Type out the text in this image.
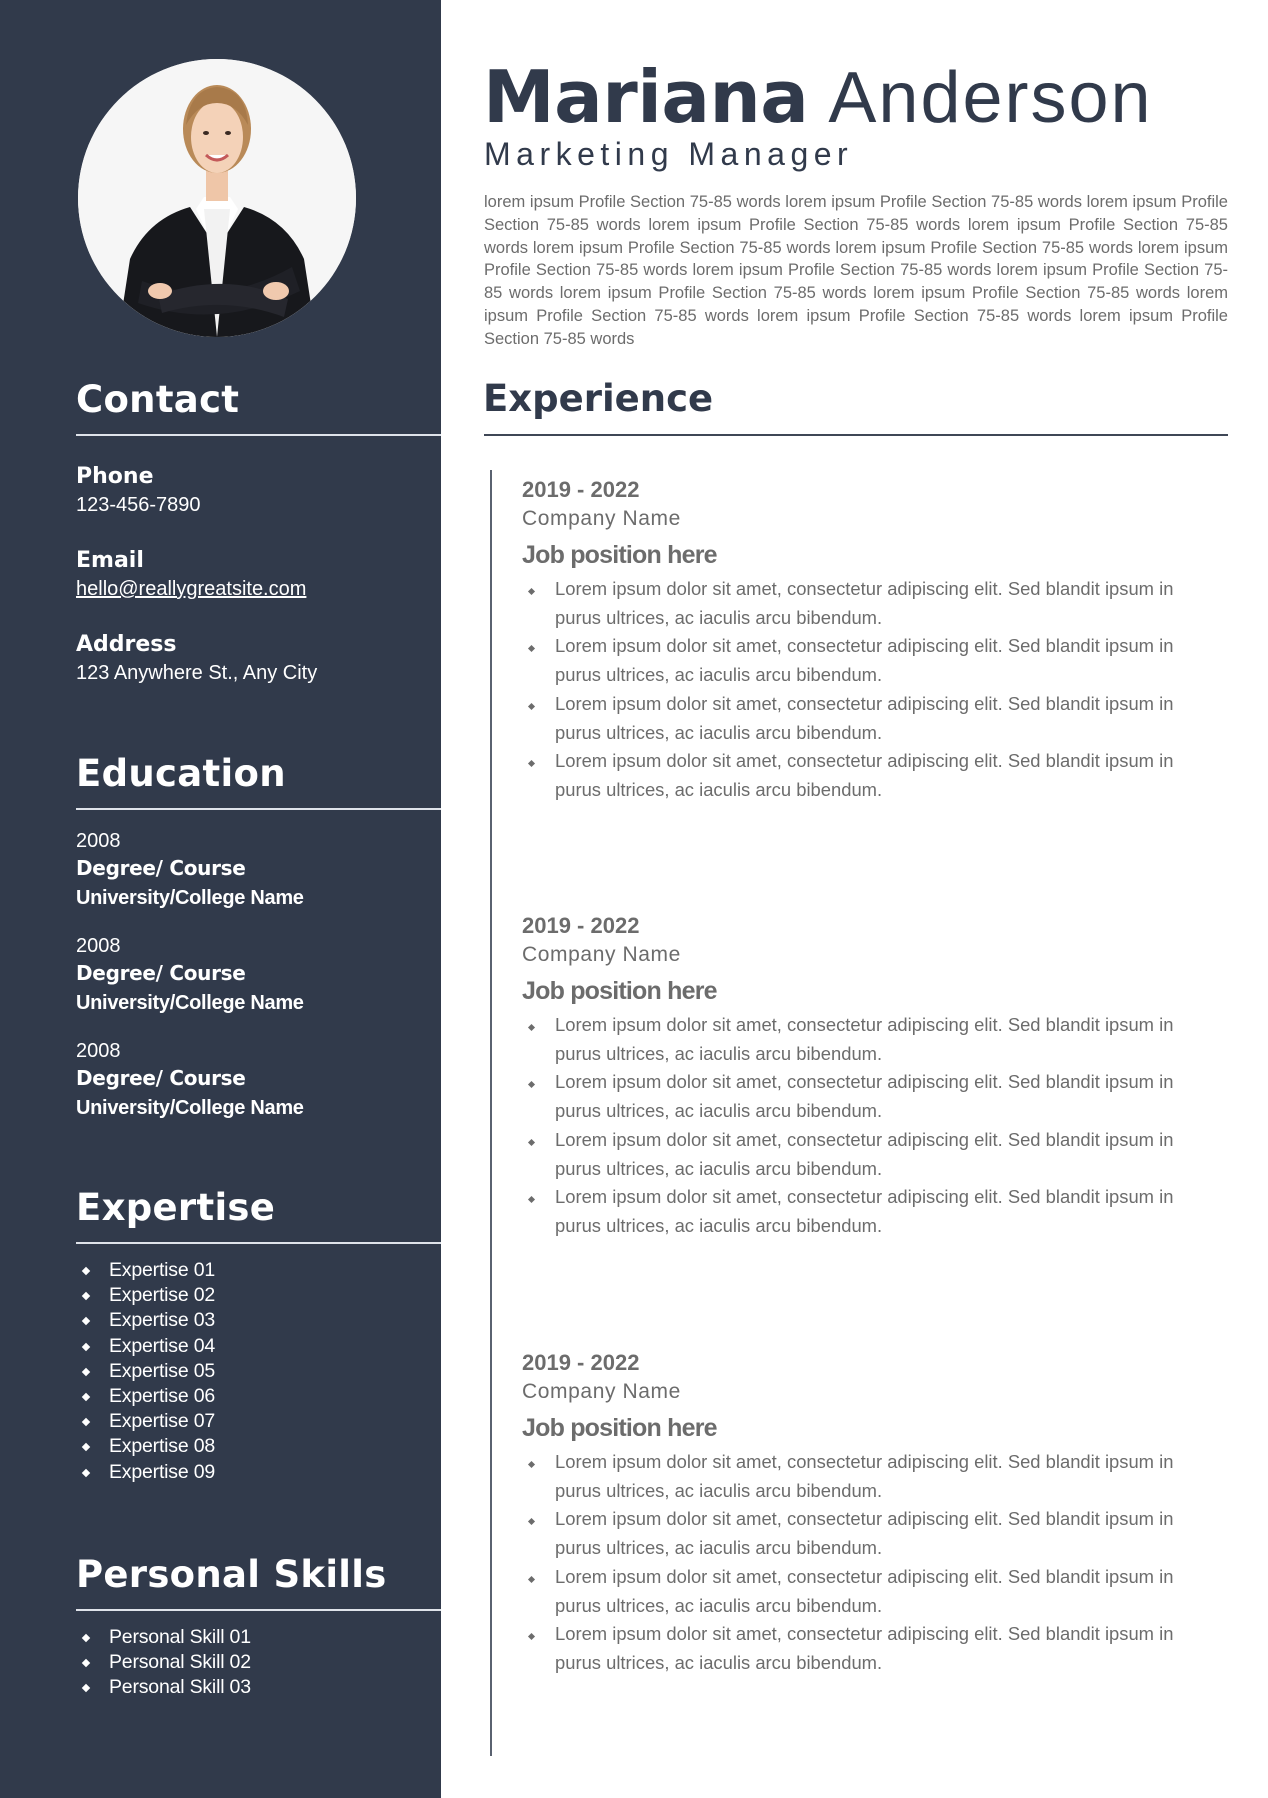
Contact
Phone
123-456-7890
Email
hello@reallygreatsite.com
Address
123 Anywhere St., Any City
Education
2008
Degree/ Course
University/College Name
2008
Degree/ Course
University/College Name
2008
Degree/ Course
University/College Name
Expertise
Expertise 01
Expertise 02
Expertise 03
Expertise 04
Expertise 05
Expertise 06
Expertise 07
Expertise 08
Expertise 09
Personal Skills
Personal Skill 01
Personal Skill 02
Personal Skill 03
Mariana Anderson
Marketing Manager

lorem ipsum Profile Section 75-85 words lorem ipsum Profile Section 75-85 words lorem ipsum Profile Section 75-85 words lorem ipsum Profile Section 75-85 words lorem ipsum Profile Section 75-85 words lorem ipsum Profile Section 75-85 words lorem ipsum Profile Section 75-85 words lorem ipsum Profile Section 75-85 words lorem ipsum Profile Section 75-85 words lorem ipsum Profile Section 75-85 words lorem ipsum Profile Section 75-85 words lorem ipsum Profile Section 75-85 words lorem ipsum Profile Section 75-85 words lorem ipsum Profile Section 75-85 words lorem ipsum Profile Section 75-85 words

Experience
2019 - 2022
Company Name
Job position here
Lorem ipsum dolor sit amet, consectetur adipiscing elit. Sed blandit ipsum in purus ultrices, ac iaculis arcu bibendum.
Lorem ipsum dolor sit amet, consectetur adipiscing elit. Sed blandit ipsum in purus ultrices, ac iaculis arcu bibendum.
Lorem ipsum dolor sit amet, consectetur adipiscing elit. Sed blandit ipsum in purus ultrices, ac iaculis arcu bibendum.
Lorem ipsum dolor sit amet, consectetur adipiscing elit. Sed blandit ipsum in purus ultrices, ac iaculis arcu bibendum.
2019 - 2022
Company Name
Job position here
Lorem ipsum dolor sit amet, consectetur adipiscing elit. Sed blandit ipsum in purus ultrices, ac iaculis arcu bibendum.
Lorem ipsum dolor sit amet, consectetur adipiscing elit. Sed blandit ipsum in purus ultrices, ac iaculis arcu bibendum.
Lorem ipsum dolor sit amet, consectetur adipiscing elit. Sed blandit ipsum in purus ultrices, ac iaculis arcu bibendum.
Lorem ipsum dolor sit amet, consectetur adipiscing elit. Sed blandit ipsum in purus ultrices, ac iaculis arcu bibendum.
2019 - 2022
Company Name
Job position here
Lorem ipsum dolor sit amet, consectetur adipiscing elit. Sed blandit ipsum in purus ultrices, ac iaculis arcu bibendum.
Lorem ipsum dolor sit amet, consectetur adipiscing elit. Sed blandit ipsum in purus ultrices, ac iaculis arcu bibendum.
Lorem ipsum dolor sit amet, consectetur adipiscing elit. Sed blandit ipsum in purus ultrices, ac iaculis arcu bibendum.
Lorem ipsum dolor sit amet, consectetur adipiscing elit. Sed blandit ipsum in purus ultrices, ac iaculis arcu bibendum.
